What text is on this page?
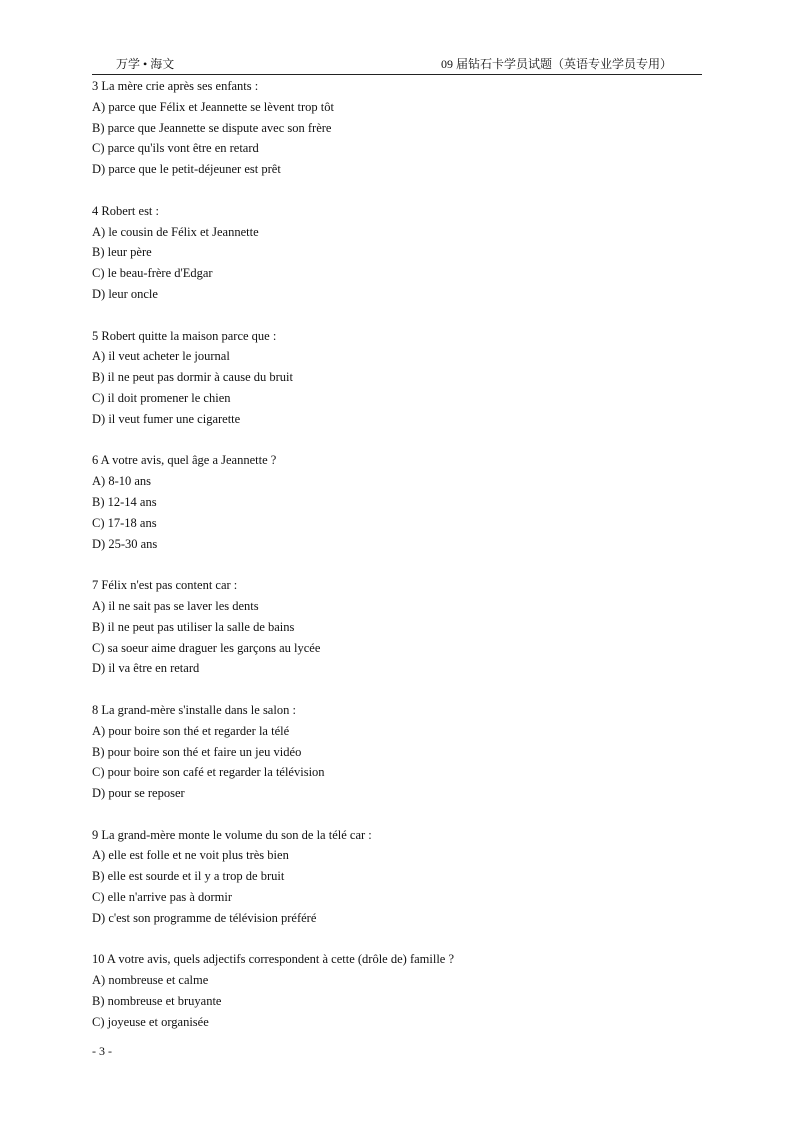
万学 • 海文	09 届钻石卡学员试题（英语专业学员专用）
3 La mère crie après ses enfants :
A) parce que Félix et Jeannette se lèvent trop tôt
B) parce que Jeannette se dispute avec son frère
C) parce qu'ils vont être en retard
D) parce que le petit-déjeuner est prêt
4 Robert est :
A) le cousin de Félix et Jeannette
B) leur père
C) le beau-frère d'Edgar
D) leur oncle
5 Robert quitte la maison parce que :
A) il veut acheter le journal
B) il ne peut pas dormir à cause du bruit
C) il doit promener le chien
D) il veut fumer une cigarette
6 A votre avis, quel âge a Jeannette ?
A) 8-10 ans
B) 12-14 ans
C) 17-18 ans
D) 25-30 ans
7 Félix n'est pas content car :
A) il ne sait pas se laver les dents
B) il ne peut pas utiliser la salle de bains
C) sa soeur aime draguer les garçons au lycée
D) il va être en retard
8 La grand-mère s'installe dans le salon :
A) pour boire son thé et regarder la télé
B) pour boire son thé et faire un jeu vidéo
C) pour boire son café et regarder la télévision
D) pour se reposer
9 La grand-mère monte le volume du son de la télé car :
A) elle est folle et ne voit plus très bien
B) elle est sourde et il y a trop de bruit
C) elle n'arrive pas à dormir
D) c'est son programme de télévision préféré
10 A votre avis, quels adjectifs correspondent à cette (drôle de) famille ?
A) nombreuse et calme
B) nombreuse et bruyante
C) joyeuse et organisée
- 3 -
